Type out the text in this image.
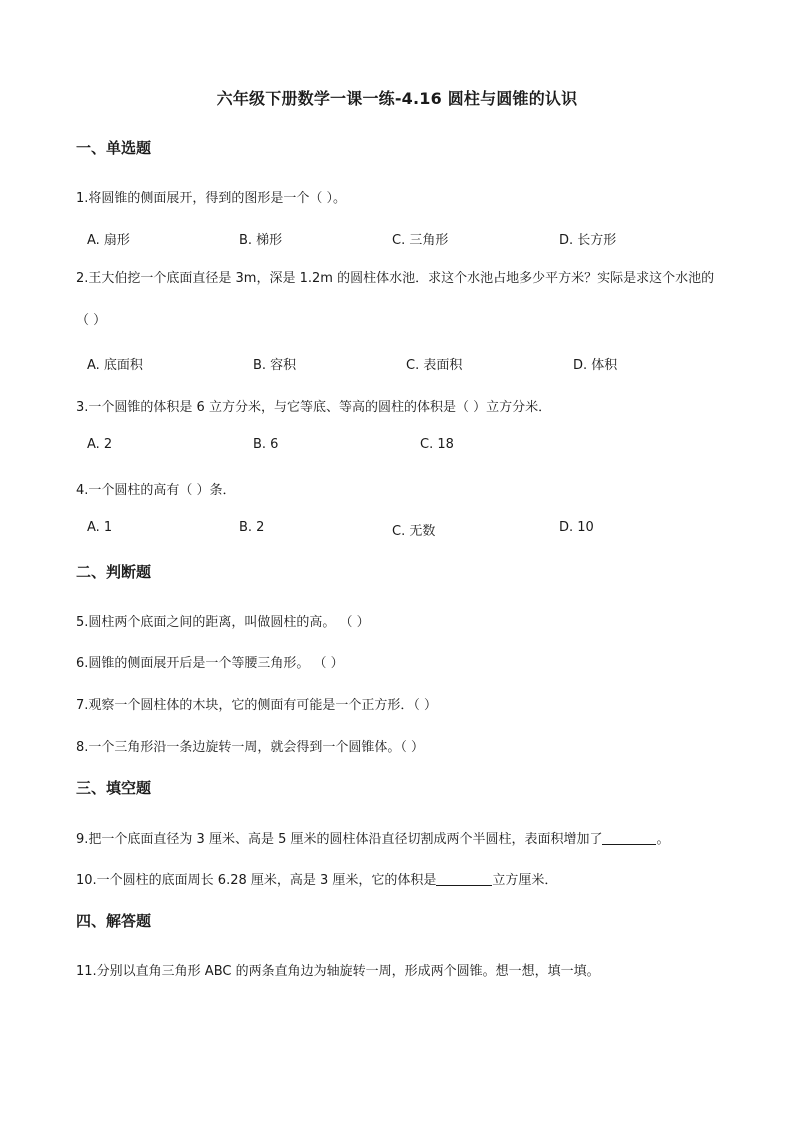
六年级下册数学一课一练-4.16 圆柱与圆锥的认识
一、单选题
1.将圆锥的侧面展开，得到的图形是一个（ ）。
A. 扇形	B. 梯形	C. 三角形	D. 长方形
2.王大伯挖一个底面直径是 3m，深是 1.2m 的圆柱体水池．求这个水池占地多少平方米？实际是求这个水池的（ ）
A. 底面积	B. 容积	C. 表面积	D. 体积
3.一个圆锥的体积是 6 立方分米，与它等底、等高的圆柱的体积是（ ）立方分米．
A. 2	B. 6	C. 18
4.一个圆柱的高有（ ）条．
A. 1	B. 2	C. 无数	D. 10
二、判断题
5.圆柱两个底面之间的距离，叫做圆柱的高。 （ ）
6.圆锥的侧面展开后是一个等腰三角形。 （ ）
7.观察一个圆柱体的木块，它的侧面有可能是一个正方形．（ ）
8.一个三角形沿一条边旋转一周，就会得到一个圆锥体。（ ）
三、填空题
9.把一个底面直径为 3 厘米、高是 5 厘米的圆柱体沿直径切割成两个半圆柱，表面积增加了	。
10.一个圆柱的底面周长 6.28 厘米，高是 3 厘米，它的体积是	立方厘米．
四、解答题
11.分别以直角三角形 ABC 的两条直角边为轴旋转一周，形成两个圆锥。想一想，填一填。
